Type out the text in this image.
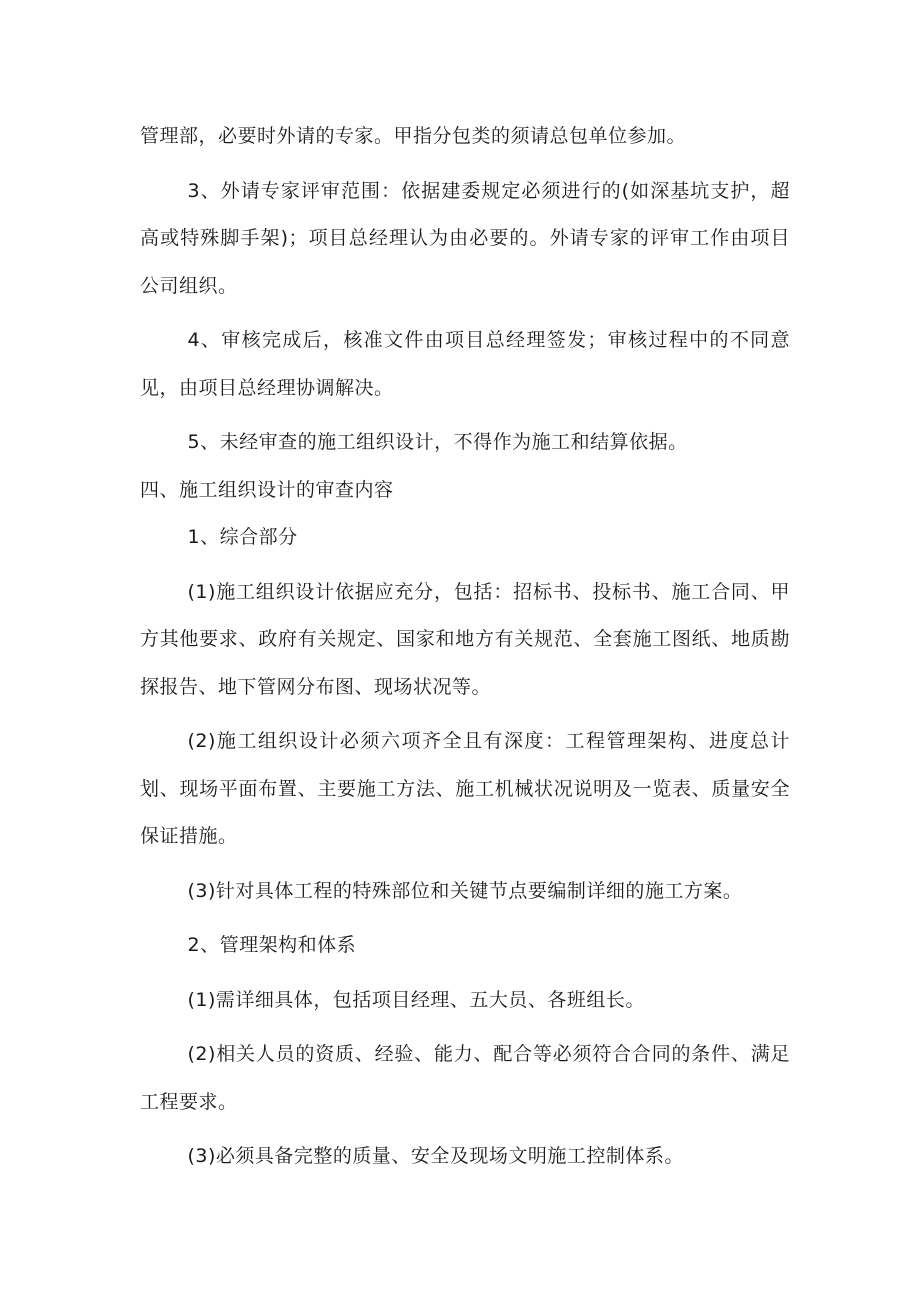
管理部，必要时外请的专家。甲指分包类的须请总包单位参加。

3、外请专家评审范围：依据建委规定必须进行的(如深基坑支护，超高或特殊脚手架)；项目总经理认为由必要的。外请专家的评审工作由项目公司组织。

4、审核完成后，核准文件由项目总经理签发；审核过程中的不同意见，由项目总经理协调解决。

5、未经审查的施工组织设计，不得作为施工和结算依据。

四、施工组织设计的审查内容

1、综合部分

(1)施工组织设计依据应充分，包括：招标书、投标书、施工合同、甲方其他要求、政府有关规定、国家和地方有关规范、全套施工图纸、地质勘探报告、地下管网分布图、现场状况等。

(2)施工组织设计必须六项齐全且有深度：工程管理架构、进度总计划、现场平面布置、主要施工方法、施工机械状况说明及一览表、质量安全保证措施。

(3)针对具体工程的特殊部位和关键节点要编制详细的施工方案。

2、管理架构和体系

(1)需详细具体，包括项目经理、五大员、各班组长。

(2)相关人员的资质、经验、能力、配合等必须符合合同的条件、满足工程要求。

(3)必须具备完整的质量、安全及现场文明施工控制体系。
